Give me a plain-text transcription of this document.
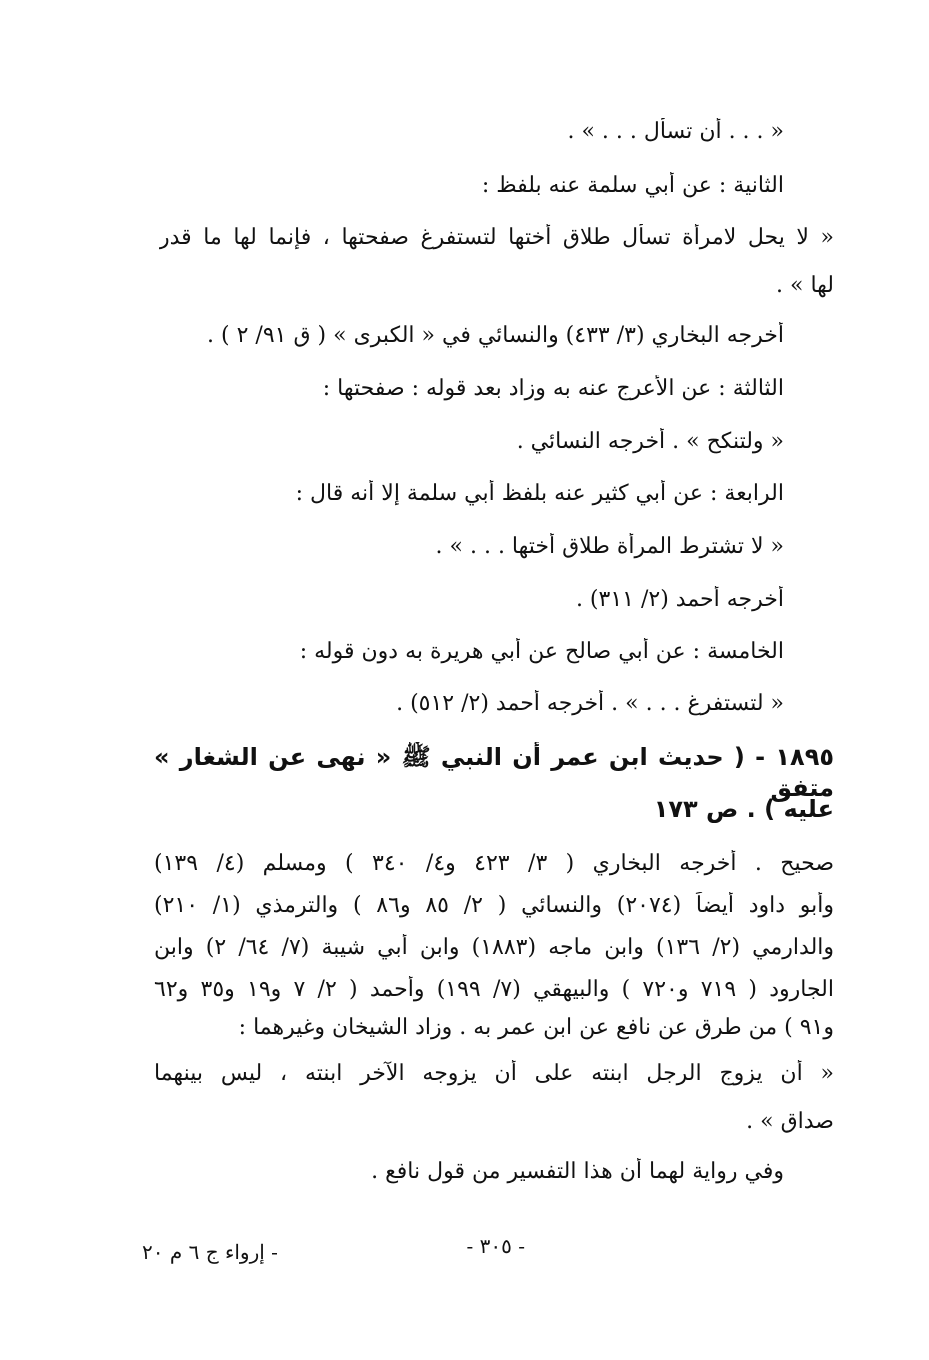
« . . . أن تسأل . . . » .
الثانية : عن أبي سلمة عنه بلفظ :
« لا يحل لامرأة تسأل طلاق أختها لتستفرغ صفحتها ، فإنما لها ما قدر
لها » .
أخرجه البخاري (٣/ ٤٣٣) والنسائي في « الكبرى » ( ق ٩١/ ٢ ) .
الثالثة : عن الأعرج عنه به وزاد بعد قوله : صفحتها :
« ولتنكح » . أخرجه النسائي .
الرابعة : عن أبي كثير عنه بلفظ أبي سلمة إلا أنه قال :
« لا تشترط المرأة طلاق أختها . . . » .
أخرجه أحمد (٢/ ٣١١) .
الخامسة : عن أبي صالح عن أبي هريرة به دون قوله :
« لتستفرغ . . . » . أخرجه أحمد (٢/ ٥١٢) .
١٨٩٥ - ( حديث ابن عمر أن النبي ﷺ « نهى عن الشغار » متفق
عليه ) . ص ١٧٣
صحيح . أخرجه البخاري ( ٣/ ٤٢٣ و٤/ ٣٤٠ ) ومسلم (٤/ ١٣٩)
وأبو داود أيضاً (٢٠٧٤) والنسائي ( ٢/ ٨٥ و٨٦ ) والترمذي (١/ ٢١٠)
والدارمي (٢/ ١٣٦) وابن ماجه (١٨٨٣) وابن أبي شيبة (٧/ ٦٤/ ٢) وابن
الجارود ( ٧١٩ و٧٢٠ ) والبيهقي (٧/ ١٩٩) وأحمد ( ٢/ ٧ و١٩ و٣٥ و٦٢
و٩١ ) من طرق عن نافع عن ابن عمر به . وزاد الشيخان وغيرهما :
« أن يزوج الرجل ابنته على أن يزوجه الآخر ابنته ، ليس بينهما
صداق » .
وفي رواية لهما أن هذا التفسير من قول نافع .
- ٣٠٥ -
- إرواء ج ٦ م ٢٠
